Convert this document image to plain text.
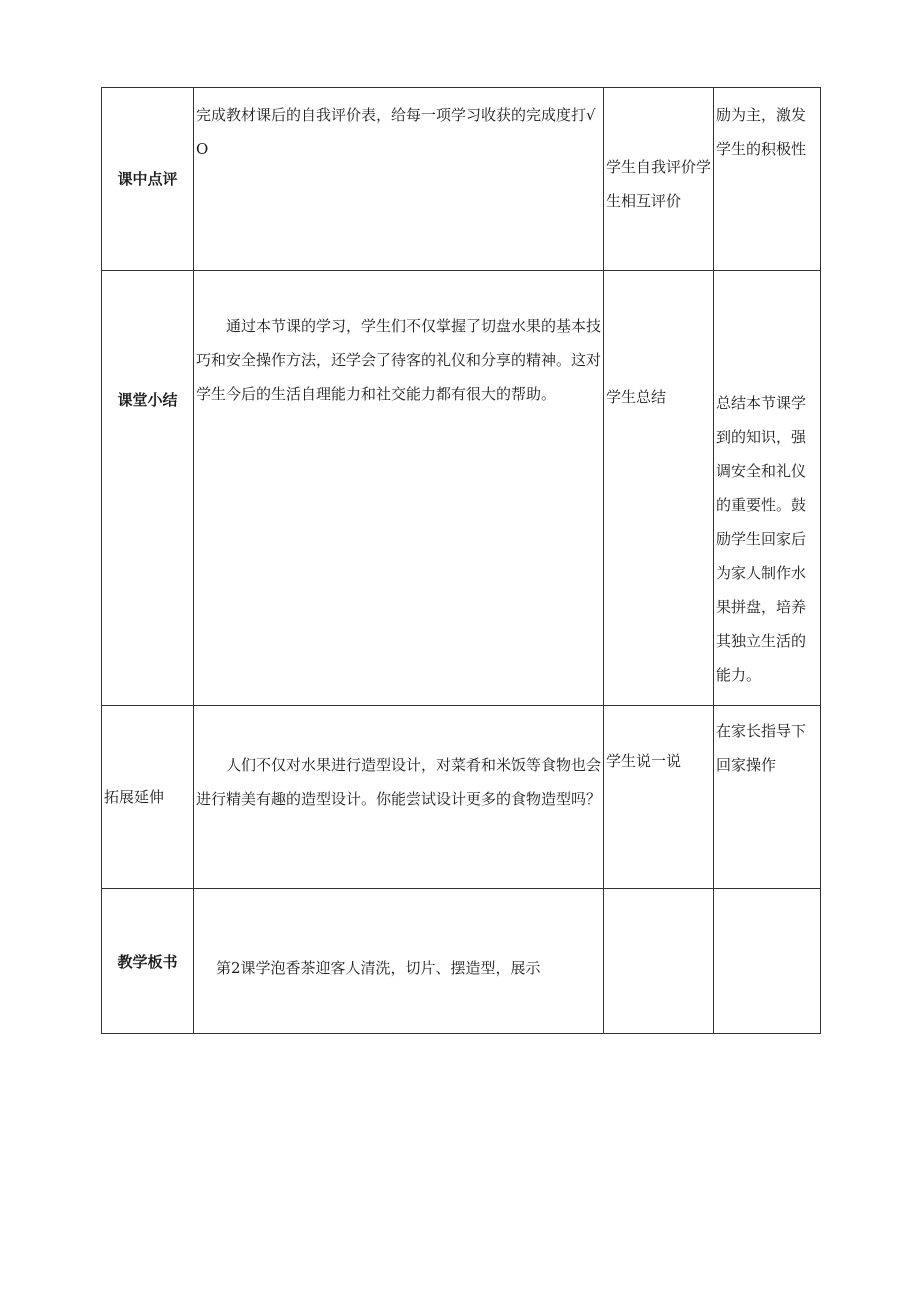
课中点评	完成教材课后的自我评价表，给每一项学习收获的完成度打√O	学生自我评价学生相互评价	励为主，激发学生的积极性

课堂小结	通过本节课的学习，学生们不仅掌握了切盘水果的基本技巧和安全操作方法，还学会了待客的礼仪和分享的精神。这对学生今后的生活自理能力和社交能力都有很大的帮助。	学生总结	总结本节课学到的知识，强调安全和礼仪的重要性。鼓励学生回家后为家人制作水果拼盘，培养其独立生活的能力。

拓展延伸	人们不仅对水果进行造型设计，对菜肴和米饭等食物也会进行精美有趣的造型设计。你能尝试设计更多的食物造型吗？	学生说一说	在家长指导下回家操作

教学板书	第2课学泡香茶迎客人清洗，切片、摆造型，展示		
